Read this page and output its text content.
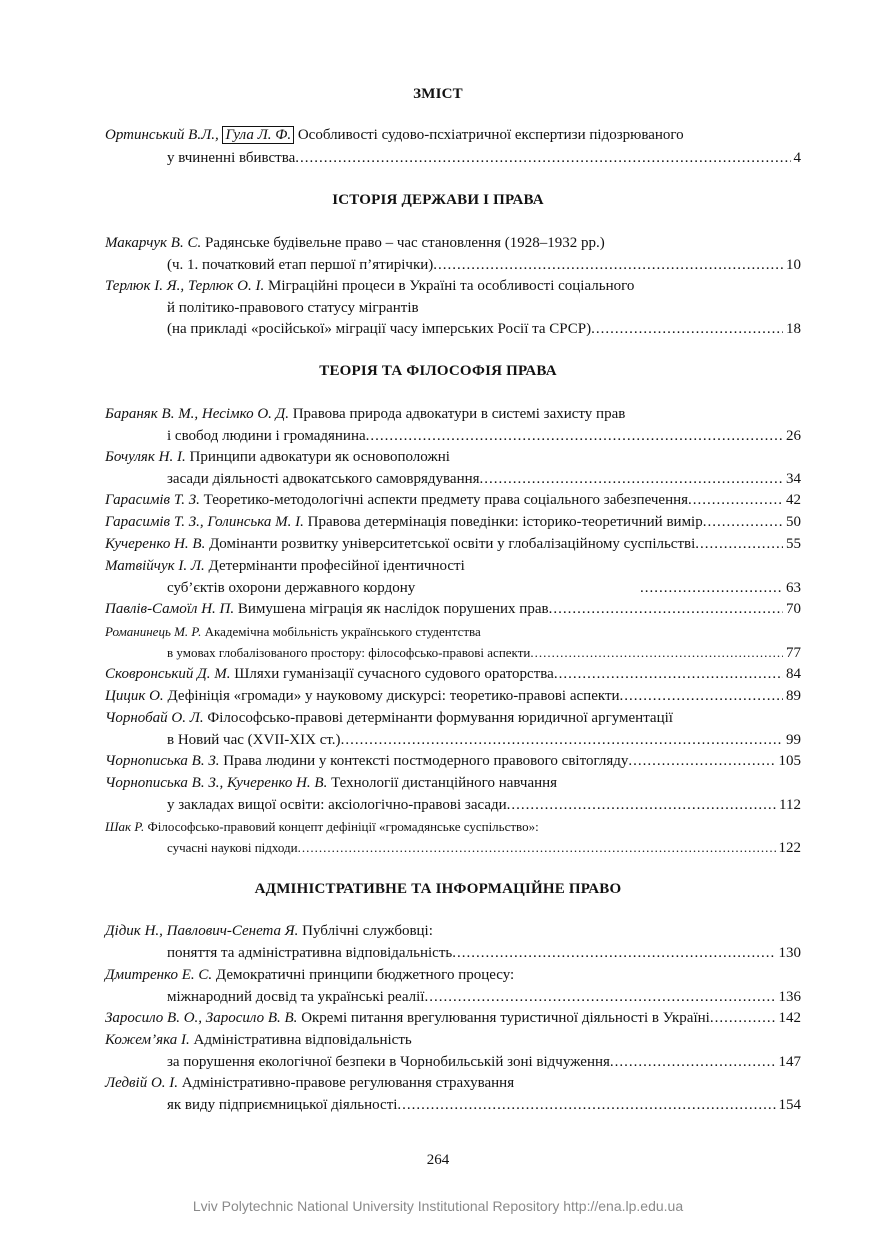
ЗМІСТ
Ортинський В.Л., Гула Л. Ф. Особливості судово-псхіатричної експертизи підозрюваного
у вчиненні вбивства .....	4
ІСТОРІЯ ДЕРЖАВИ І ПРАВА
Макарчук В. С. Радянське будівельне право – час становлення (1928–1932 рр.)
(ч. 1. початковий етап першої п’ятирічки) .....	10
Терлюк І. Я., Терлюк О. І. Міграційні процеси в Україні та особливості соціального
й політико-правового статусу мігрантів
(на прикладі «російської» міграції часу імперських Росії та СРСР) .....	18
ТЕОРІЯ ТА ФІЛОСОФІЯ ПРАВА
Бараняк В. М., Несімко О. Д. Правова природа адвокатури в системі захисту прав
і свобод людини і громадянина .....	26
Бочуляк Н. І. Принципи адвокатури як основоположні
засади діяльності адвокатського самоврядування .....	34
Гарасимів Т. З. Теоретико-методологічні аспекти предмету права соціального забезпечення .....	42
Гарасимів Т. З., Голинська М. І. Правова детермінація поведінки: історико-теоретичний вимір .....	50
Кучеренко Н. В. Домінанти розвитку університетської освіти у глобалізаційному суспільстві .....	55
Матвійчук І. Л. Детермінанти професійної ідентичності
суб’єктів охорони державного кордону .....	63
Павлів-Самоїл Н. П. Вимушена міграція як наслідок порушених прав .....	70
Романинець М. Р. Академічна мобільність українського студентства
в умовах глобалізованого простору: філософсько-правові аспекти .....	77
Сковронський Д. М. Шляхи гуманізації сучасного судового ораторства .....	84
Цицик О. Дефініція «громади» у науковому дискурсі: теоретико-правові аспекти .....	89
Чорнобай О. Л. Філософсько-правові детермінанти формування юридичної аргументації
в Новий час (XVII-XIX ст.) .....	99
Чорнописька В. З. Права людини у контексті постмодерного правового світогляду .....	105
Чорнописька В. З., Кучеренко Н. В. Технології дистанційного навчання
у закладах вищої освіти: аксіологічно-правові засади .....	112
Шак Р. Філософсько-правовий концепт дефініції «громадянське суспільство»:
сучасні наукові підходи .....	122
АДМІНІСТРАТИВНЕ ТА ІНФОРМАЦІЙНЕ ПРАВО
Дідик Н., Павлович-Сенета Я. Публічні службовці:
поняття та адміністративна відповідальність .....	130
Дмитренко Е. С. Демократичні принципи бюджетного процесу:
міжнародний досвід та українські реалії .....	136
Заросило В. О., Заросило В. В. Окремі питання врегулювання туристичної діяльності в Україні .....	142
Кожем’яка І. Адміністративна відповідальність
за порушення екологічної безпеки в Чорнобильській зоні відчуження .....	147
Ледвій О. І. Адміністративно-правове регулювання страхування
як виду підприємницької діяльності .....	154
264
Lviv Polytechnic National University Institutional Repository http://ena.lp.edu.ua
